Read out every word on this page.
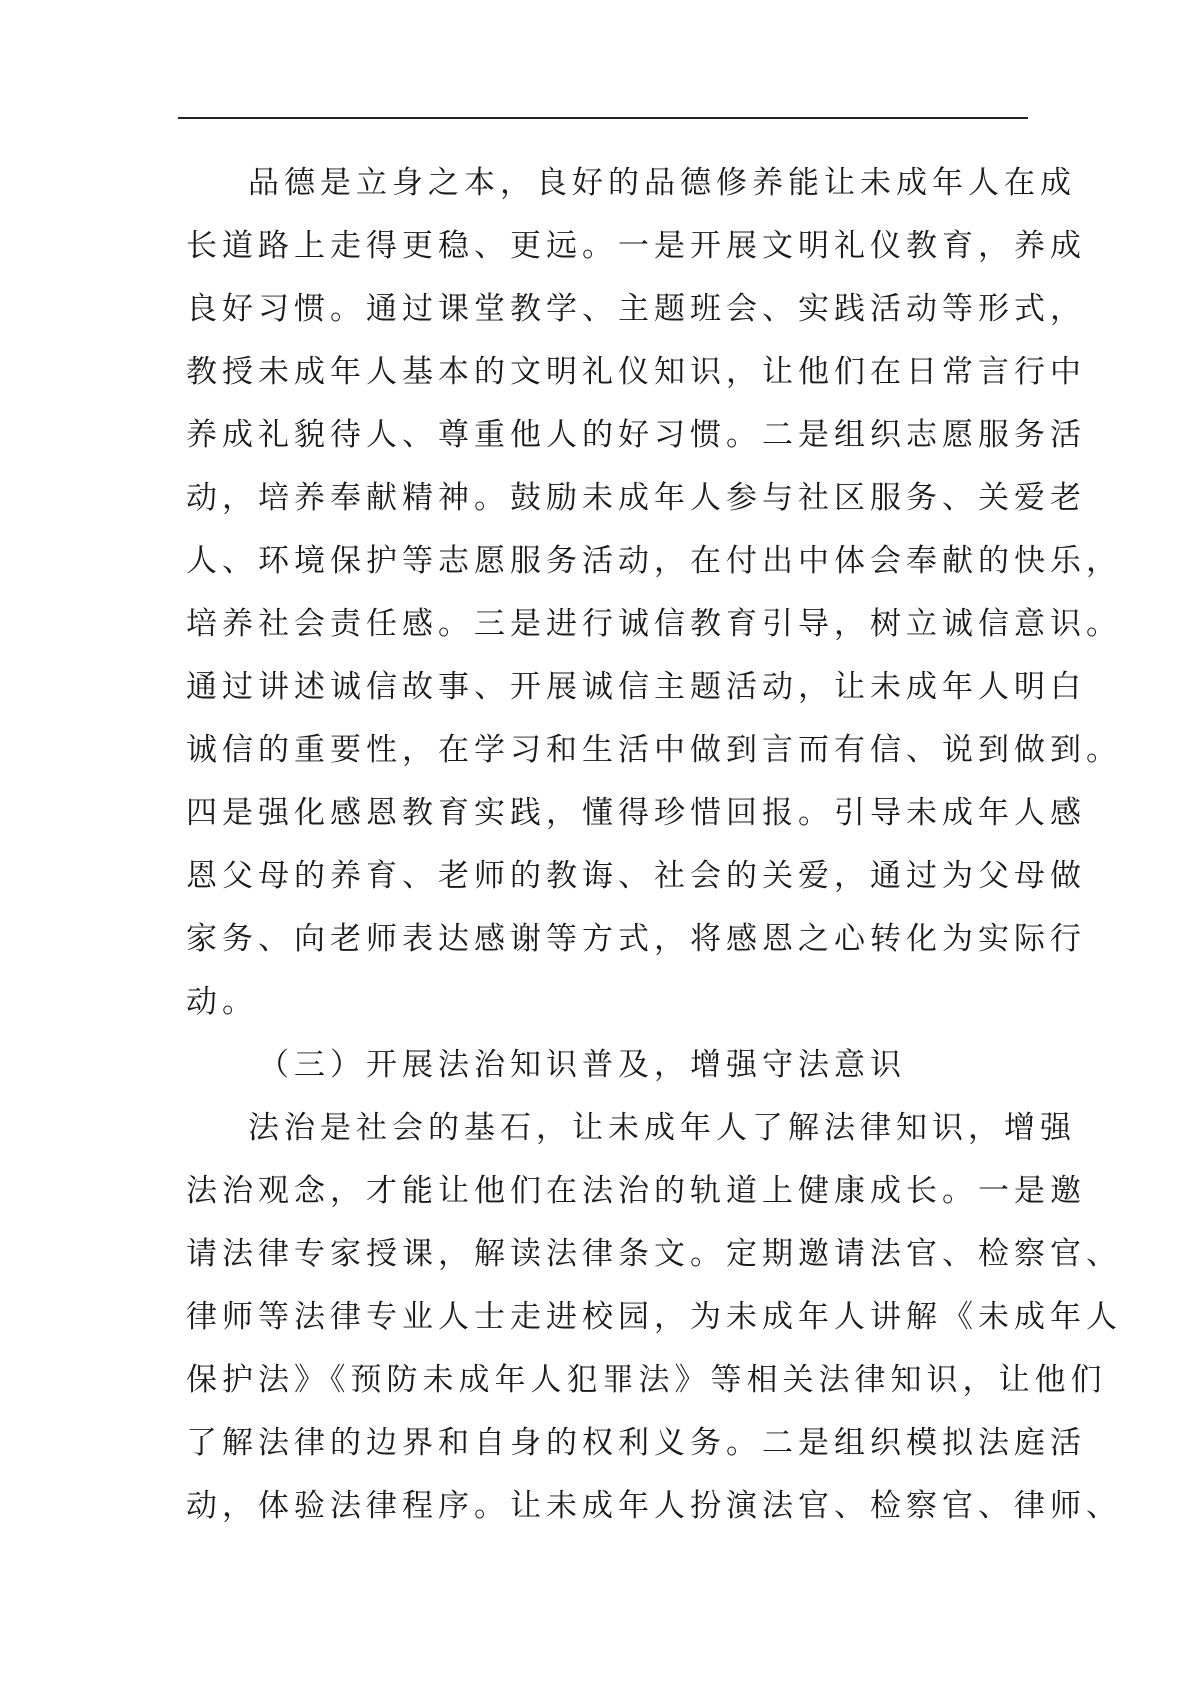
品德是立身之本，良好的品德修养能让未成年人在成
长道路上走得更稳、更远。一是开展文明礼仪教育，养成
良好习惯。通过课堂教学、主题班会、实践活动等形式，
教授未成年人基本的文明礼仪知识，让他们在日常言行中
养成礼貌待人、尊重他人的好习惯。二是组织志愿服务活
动，培养奉献精神。鼓励未成年人参与社区服务、关爱老
人、环境保护等志愿服务活动，在付出中体会奉献的快乐，
培养社会责任感。三是进行诚信教育引导，树立诚信意识。
通过讲述诚信故事、开展诚信主题活动，让未成年人明白
诚信的重要性，在学习和生活中做到言而有信、说到做到。
四是强化感恩教育实践，懂得珍惜回报。引导未成年人感
恩父母的养育、老师的教诲、社会的关爱，通过为父母做
家务、向老师表达感谢等方式，将感恩之心转化为实际行
动。
（三）开展法治知识普及，增强守法意识
法治是社会的基石，让未成年人了解法律知识，增强
法治观念，才能让他们在法治的轨道上健康成长。一是邀
请法律专家授课，解读法律条文。定期邀请法官、检察官、
律师等法律专业人士走进校园，为未成年人讲解《未成年人
保护法》《预防未成年人犯罪法》等相关法律知识，让他们
了解法律的边界和自身的权利义务。二是组织模拟法庭活
动，体验法律程序。让未成年人扮演法官、检察官、律师、
